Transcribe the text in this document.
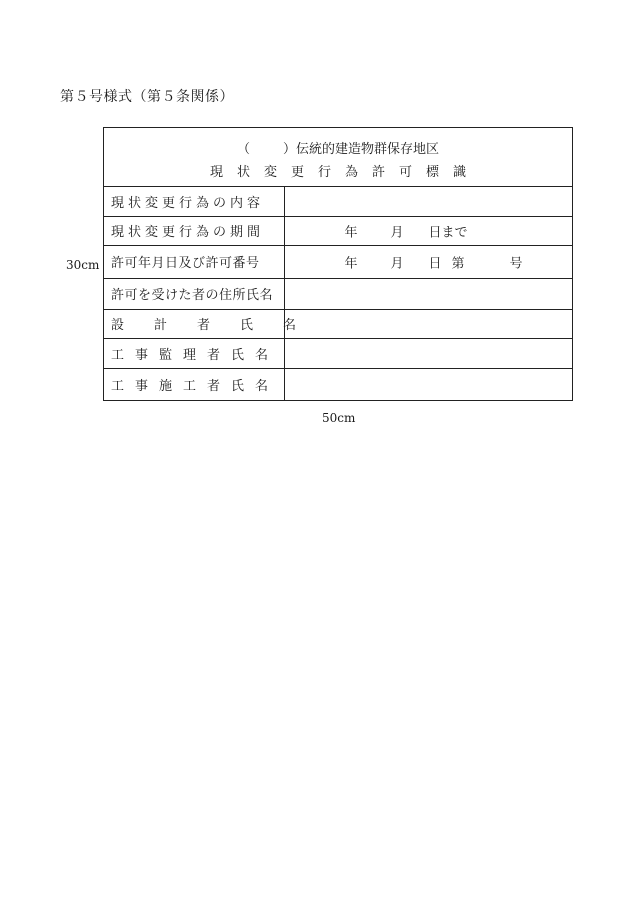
第５号様式（第５条関係）
（	）伝統的建造物群保存地区
現状変更行為許可標識
現状変更行為の内容	

現状変更行為の期間	年 月 日まで

許可年月日及び許可番号	年 月 日 第 号

許可を受けた者の住所氏名	

設計者氏名	

工事監理者氏名	

工事施工者氏名	

30cm
50cm
